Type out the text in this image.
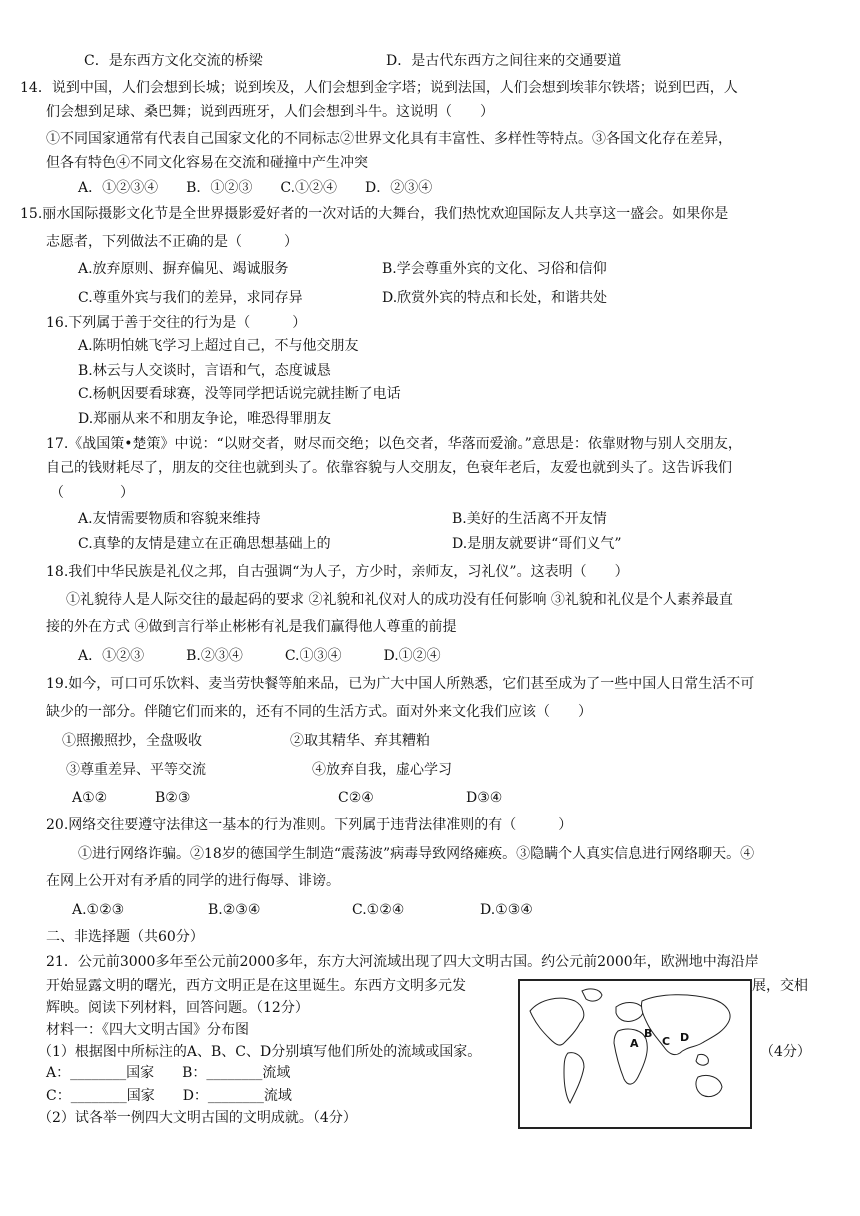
C．是东西方文化交流的桥梁	D．是古代东西方之间往来的交通要道
14．说到中国，人们会想到长城；说到埃及，人们会想到金字塔；说到法国，人们会想到埃菲尔铁塔；说到巴西，人
们会想到足球、桑巴舞；说到西班牙，人们会想到斗牛。这说明（　　）
①不同国家通常有代表自己国家文化的不同标志②世界文化具有丰富性、多样性等特点。③各国文化存在差异，
但各有特色④不同文化容易在交流和碰撞中产生冲突
A．①②③④　　B．①②③　　C.①②④　　D．②③④
15.丽水国际摄影文化节是全世界摄影爱好者的一次对话的大舞台，我们热忱欢迎国际友人共享这一盛会。如果你是
志愿者，下列做法不正确的是（　　　）
A.放弃原则、摒弃偏见、竭诚服务	B.学会尊重外宾的文化、习俗和信仰
C.尊重外宾与我们的差异，求同存异	D.欣赏外宾的特点和长处，和谐共处
16.下列属于善于交往的行为是（　　　）
A.陈明怕姚飞学习上超过自己，不与他交朋友
B.林云与人交谈时，言语和气，态度诚恳
C.杨帆因要看球赛，没等同学把话说完就挂断了电话
D.郑丽从来不和朋友争论，唯恐得罪朋友
17.《战国策•楚策》中说：“以财交者，财尽而交绝；以色交者，华落而爱渝。”意思是：依靠财物与别人交朋友，
自己的钱财耗尽了，朋友的交往也就到头了。依靠容貌与人交朋友，色衰年老后，友爱也就到头了。这告诉我们
（　　　　）
A.友情需要物质和容貌来维持	B.美好的生活离不开友情
C.真挚的友情是建立在正确思想基础上的	D.是朋友就要讲“哥们义气”
18.我们中华民族是礼仪之邦，自古强调“为人子，方少时，亲师友，习礼仪”。这表明（　　）
①礼貌待人是人际交往的最起码的要求 ②礼貌和礼仪对人的成功没有任何影响 ③礼貌和礼仪是个人素养最直
接的外在方式 ④做到言行举止彬彬有礼是我们赢得他人尊重的前提
A．①②③　　　B.②③④　　　C.①③④　　　D.①②④
19.如今，可口可乐饮料、麦当劳快餐等舶来品，已为广大中国人所熟悉，它们甚至成为了一些中国人日常生活不可
缺少的一部分。伴随它们而来的，还有不同的生活方式。面对外来文化我们应该（　　）
①照搬照抄，全盘吸收	②取其精华、弃其糟粕
③尊重差异、平等交流	④放弃自我，虚心学习
A①②	B②③	C②④	D③④
20.网络交往要遵守法律这一基本的行为准则。下列属于违背法律准则的有（　　　）
①进行网络诈骗。②18岁的德国学生制造“震荡波”病毒导致网络瘫痪。③隐瞒个人真实信息进行网络聊天。④
在网上公开对有矛盾的同学的进行侮辱、诽谤。
A.①②③	B.②③④	C.①②④	D.①③④
二、非选择题（共60分）
21．公元前3000多年至公元前2000多年，东方大河流域出现了四大文明古国。约公元前2000年，欧洲地中海沿岸
开始显露文明的曙光，西方文明正是在这里诞生。东西方文明多元发	展，交相
辉映。阅读下列材料，回答问题。（12分）
材料一：《四大文明古国》分布图
（1）根据图中所标注的A、B、C、D分别填写他们所处的流域或国家。	（4分）
A：________国家　　B：________流域
C：________国家　　D：________流域
（2）试各举一例四大文明古国的文明成就。（4分）
A
B
C D
